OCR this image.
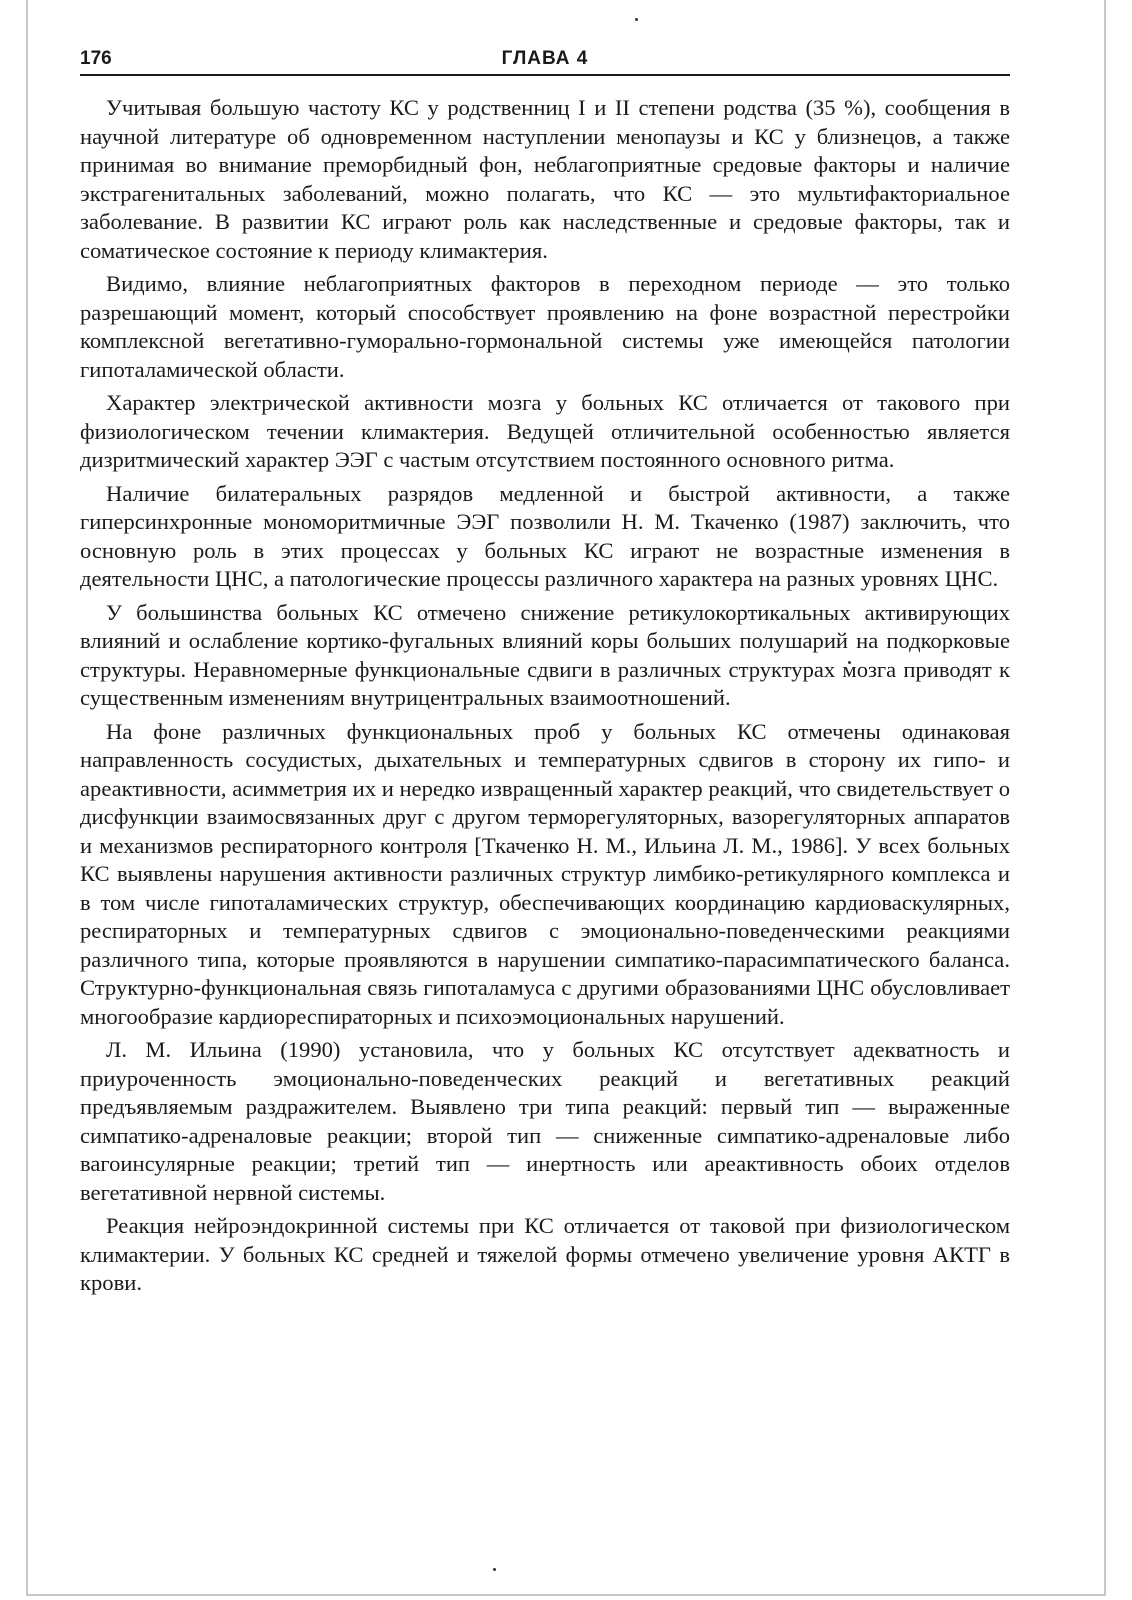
176	ГЛАВА 4

Учитывая большую частоту КС у родственниц I и II степени родства (35 %), сообщения в научной литературе об одновременном наступлении менопаузы и КС у близнецов, а также принимая во внимание преморбидный фон, неблагоприятные средовые факторы и наличие экстрагенитальных заболеваний, можно полагать, что КС — это мультифакториальное заболевание. В развитии КС играют роль как наследственные и средовые факторы, так и соматическое состояние к периоду климактерия.

Видимо, влияние неблагоприятных факторов в переходном периоде — это только разрешающий момент, который способствует проявлению на фоне возрастной перестройки комплексной вегетативно-гуморально-гормональной системы уже имеющейся патологии гипоталамической области.

Характер электрической активности мозга у больных КС отличается от такового при физиологическом течении климактерия. Ведущей отличительной особенностью является дизритмический характер ЭЭГ с частым отсутствием постоянного основного ритма.

Наличие билатеральных разрядов медленной и быстрой активности, а также гиперсинхронные мономоритмичные ЭЭГ позволили Н. М. Ткаченко (1987) заключить, что основную роль в этих процессах у больных КС играют не возрастные изменения в деятельности ЦНС, а патологические процессы различного характера на разных уровнях ЦНС.

У большинства больных КС отмечено снижение ретикулокортикальных активирующих влияний и ослабление кортико-фугальных влияний коры больших полушарий на подкорковые структуры. Неравномерные функциональные сдвиги в различных структурах мозга приводят к существенным изменениям внутрицентральных взаимоотношений.

На фоне различных функциональных проб у больных КС отмечены одинаковая направленность сосудистых, дыхательных и температурных сдвигов в сторону их гипо- и ареактивности, асимметрия их и нередко извращенный характер реакций, что свидетельствует о дисфункции взаимосвязанных друг с другом терморегуляторных, вазорегуляторных аппаратов и механизмов респираторного контроля [Ткаченко Н. М., Ильина Л. М., 1986]. У всех больных КС выявлены нарушения активности различных структур лимбико-ретикулярного комплекса и в том числе гипоталамических структур, обеспечивающих координацию кардиоваскулярных, респираторных и температурных сдвигов с эмоционально-поведенческими реакциями различного типа, которые проявляются в нарушении симпатико-парасимпатического баланса. Структурно-функциональная связь гипоталамуса с другими образованиями ЦНС обусловливает многообразие кардиореспираторных и психоэмоциональных нарушений.

Л. М. Ильина (1990) установила, что у больных КС отсутствует адекватность и приуроченность эмоционально-поведенческих реакций и вегетативных реакций предъявляемым раздражителем. Выявлено три типа реакций: первый тип — выраженные симпатико-адреналовые реакции; второй тип — сниженные симпатико-адреналовые либо вагоинсулярные реакции; третий тип — инертность или ареактивность обоих отделов вегетативной нервной системы.

Реакция нейроэндокринной системы при КС отличается от таковой при физиологическом климактерии. У больных КС средней и тяжелой формы отмечено увеличение уровня АКТГ в крови.
